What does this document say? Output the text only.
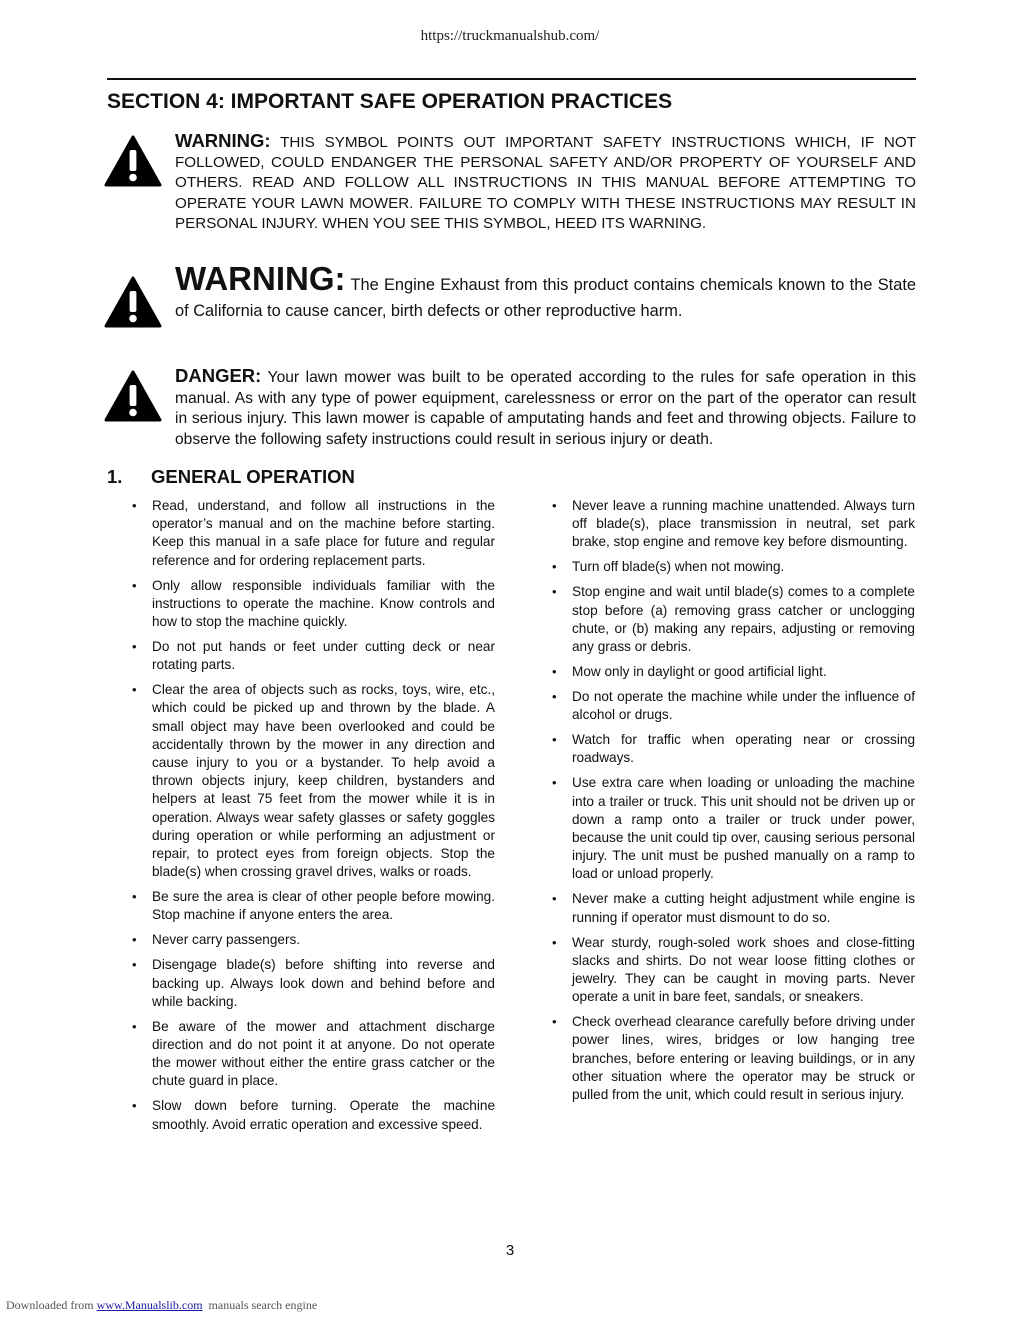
https://truckmanualshub.com/
SECTION 4: IMPORTANT SAFE OPERATION PRACTICES
WARNING: THIS SYMBOL POINTS OUT IMPORTANT SAFETY INSTRUCTIONS WHICH, IF NOT FOLLOWED, COULD ENDANGER THE PERSONAL SAFETY AND/OR PROPERTY OF YOURSELF AND OTHERS. READ AND FOLLOW ALL INSTRUCTIONS IN THIS MANUAL BEFORE ATTEMPTING TO OPERATE YOUR LAWN MOWER. FAILURE TO COMPLY WITH THESE INSTRUCTIONS MAY RESULT IN PERSONAL INJURY. WHEN YOU SEE THIS SYMBOL, HEED ITS WARNING.
WARNING: The Engine Exhaust from this product contains chemicals known to the State of California to cause cancer, birth defects or other reproductive harm.
DANGER: Your lawn mower was built to be operated according to the rules for safe operation in this manual. As with any type of power equipment, carelessness or error on the part of the operator can result in serious injury. This lawn mower is capable of amputating hands and feet and throwing objects. Failure to observe the following safety instructions could result in serious injury or death.
1. GENERAL OPERATION
• Read, understand, and follow all instructions in the operator’s manual and on the machine before starting. Keep this manual in a safe place for future and regular reference and for ordering replacement parts.
• Only allow responsible individuals familiar with the instructions to operate the machine. Know controls and how to stop the machine quickly.
• Do not put hands or feet under cutting deck or near rotating parts.
• Clear the area of objects such as rocks, toys, wire, etc., which could be picked up and thrown by the blade. A small object may have been overlooked and could be accidentally thrown by the mower in any direction and cause injury to you or a bystander. To help avoid a thrown objects injury, keep children, bystanders and helpers at least 75 feet from the mower while it is in operation. Always wear safety glasses or safety goggles during operation or while performing an adjustment or repair, to protect eyes from foreign objects. Stop the blade(s) when crossing gravel drives, walks or roads.
• Be sure the area is clear of other people before mowing. Stop machine if anyone enters the area.
• Never carry passengers.
• Disengage blade(s) before shifting into reverse and backing up. Always look down and behind before and while backing.
• Be aware of the mower and attachment discharge direction and do not point it at anyone. Do not operate the mower without either the entire grass catcher or the chute guard in place.
• Slow down before turning. Operate the machine smoothly. Avoid erratic operation and excessive speed.
• Never leave a running machine unattended. Always turn off blade(s), place transmission in neutral, set park brake, stop engine and remove key before dismounting.
• Turn off blade(s) when not mowing.
• Stop engine and wait until blade(s) comes to a complete stop before (a) removing grass catcher or unclogging chute, or (b) making any repairs, adjusting or removing any grass or debris.
• Mow only in daylight or good artificial light.
• Do not operate the machine while under the influence of alcohol or drugs.
• Watch for traffic when operating near or crossing roadways.
• Use extra care when loading or unloading the machine into a trailer or truck. This unit should not be driven up or down a ramp onto a trailer or truck under power, because the unit could tip over, causing serious personal injury. The unit must be pushed manually on a ramp to load or unload properly.
• Never make a cutting height adjustment while engine is running if operator must dismount to do so.
• Wear sturdy, rough-soled work shoes and close-fitting slacks and shirts. Do not wear loose fitting clothes or jewelry. They can be caught in moving parts. Never operate a unit in bare feet, sandals, or sneakers.
• Check overhead clearance carefully before driving under power lines, wires, bridges or low hanging tree branches, before entering or leaving buildings, or in any other situation where the operator may be struck or pulled from the unit, which could result in serious injury.
3
Downloaded from www.Manualslib.com manuals search engine
